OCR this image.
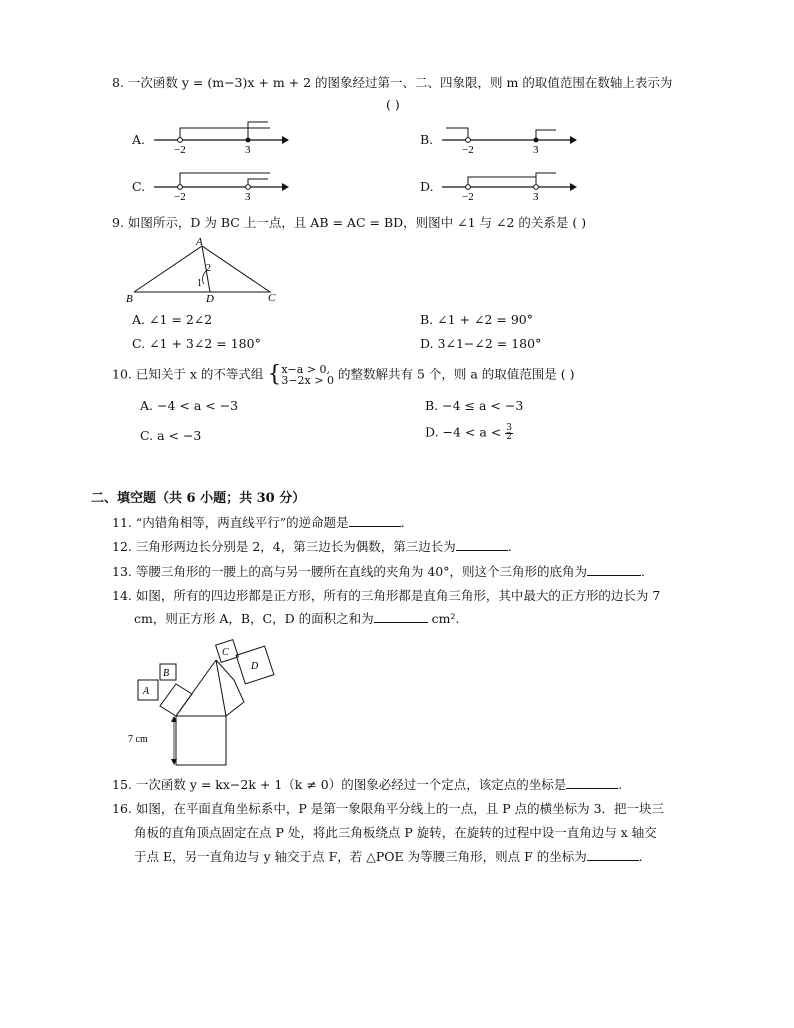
8. 一次函数 y = (m−3)x + m + 2 的图象经过第一、二、四象限，则 m 的取值范围在数轴上表示为
( )
A.
−2	3
B.
−2	3
C.
−2	3
D.
−2	3
9. 如图所示，D 为 BC 上一点，且 AB = AC = BD，则图中 ∠1 与 ∠2 的关系是 ( )
A
B	D	C
1
2
A. ∠1 = 2∠2	B. ∠1 + ∠2 = 90°
C. ∠1 + 3∠2 = 180°	D. 3∠1−∠2 = 180°
10. 已知关于 x 的不等式组 {x−a > 0,
3−2x > 0 的整数解共有 5 个，则 a 的取值范围是 ( )
A. −4 < a < −3	B. −4 ≤ a < −3
C. a < −3	D. $-4 < a < \frac{3}{2}$
二、填空题（共 6 小题；共 30 分）
11. “内错角相等，两直线平行”的逆命题是	.
12. 三角形两边长分别是 2，4，第三边长为偶数，第三边长为	.
13. 等腰三角形的一腰上的高与另一腰所在直线的夹角为 40°，则这个三角形的底角为	.
14. 如图，所有的四边形都是正方形，所有的三角形都是直角三角形，其中最大的正方形的边长为 7
cm，则正方形 A，B，C，D 的面积之和为	cm².
A
B
C
D
7 cm
15. 一次函数 y = kx−2k + 1（k ≠ 0）的图象必经过一个定点，该定点的坐标是	.
16. 如图，在平面直角坐标系中，P 是第一象限角平分线上的一点，且 P 点的横坐标为 3．把一块三
角板的直角顶点固定在点 P 处，将此三角板绕点 P 旋转，在旋转的过程中设一直角边与 x 轴交
于点 E，另一直角边与 y 轴交于点 F，若 △POE 为等腰三角形，则点 F 的坐标为	.
